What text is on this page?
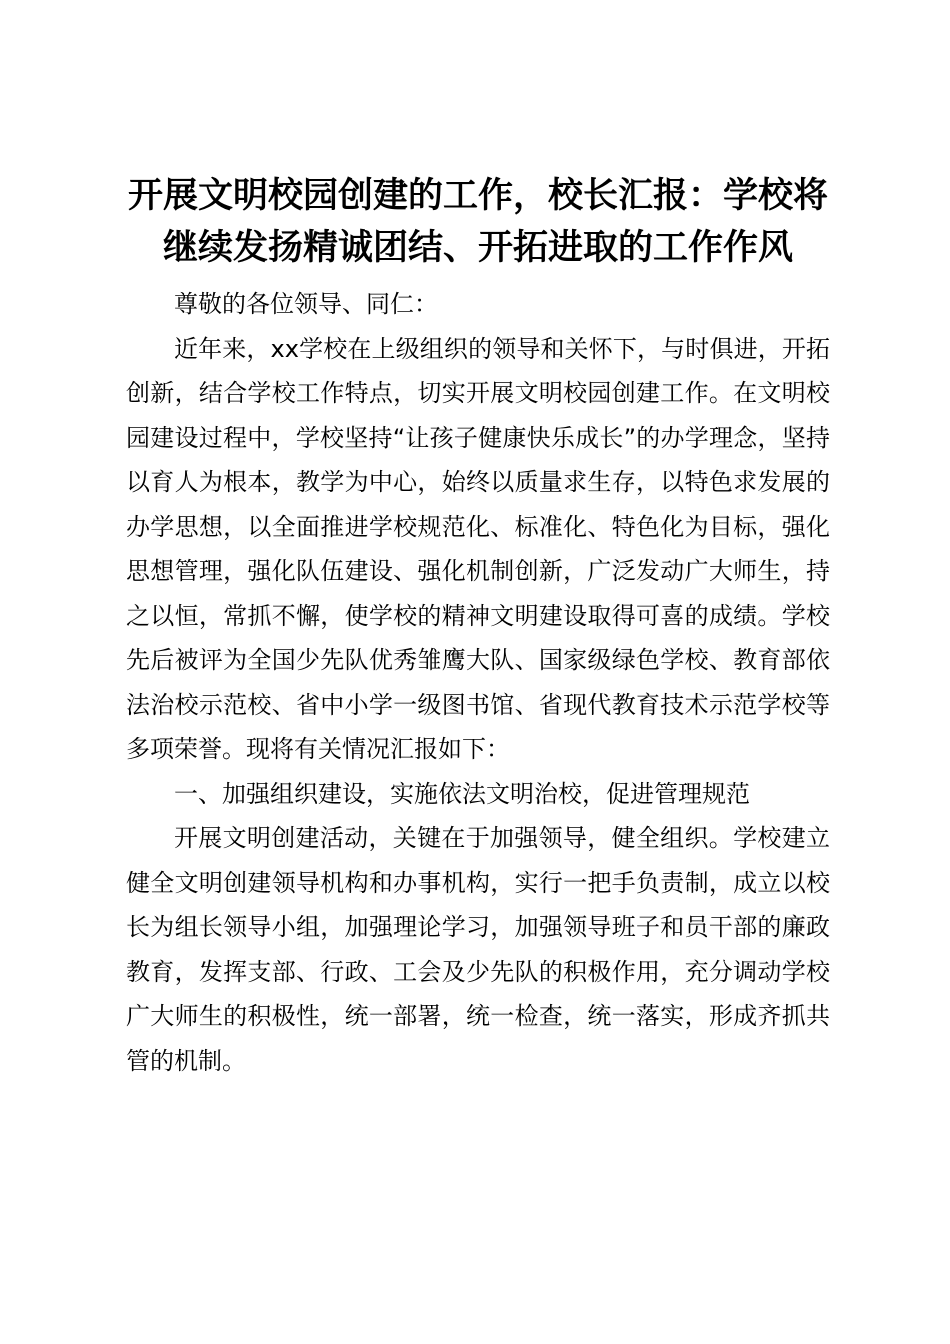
开展文明校园创建的工作，校长汇报：学校将继续发扬精诚团结、开拓进取的工作作风

尊敬的各位领导、同仁：

近年来，xx学校在上级组织的领导和关怀下，与时俱进，开拓创新，结合学校工作特点，切实开展文明校园创建工作。在文明校园建设过程中，学校坚持“让孩子健康快乐成长”的办学理念，坚持以育人为根本，教学为中心，始终以质量求生存，以特色求发展的办学思想，以全面推进学校规范化、标准化、特色化为目标，强化思想管理，强化队伍建设、强化机制创新，广泛发动广大师生，持之以恒，常抓不懈，使学校的精神文明建设取得可喜的成绩。学校先后被评为全国少先队优秀雏鹰大队、国家级绿色学校、教育部依法治校示范校、省中小学一级图书馆、省现代教育技术示范学校等多项荣誉。现将有关情况汇报如下：

一、加强组织建设，实施依法文明治校，促进管理规范

开展文明创建活动，关键在于加强领导，健全组织。学校建立健全文明创建领导机构和办事机构，实行一把手负责制，成立以校长为组长领导小组，加强理论学习，加强领导班子和员干部的廉政教育，发挥支部、行政、工会及少先队的积极作用，充分调动学校广大师生的积极性，统一部署，统一检查，统一落实，形成齐抓共管的机制。
